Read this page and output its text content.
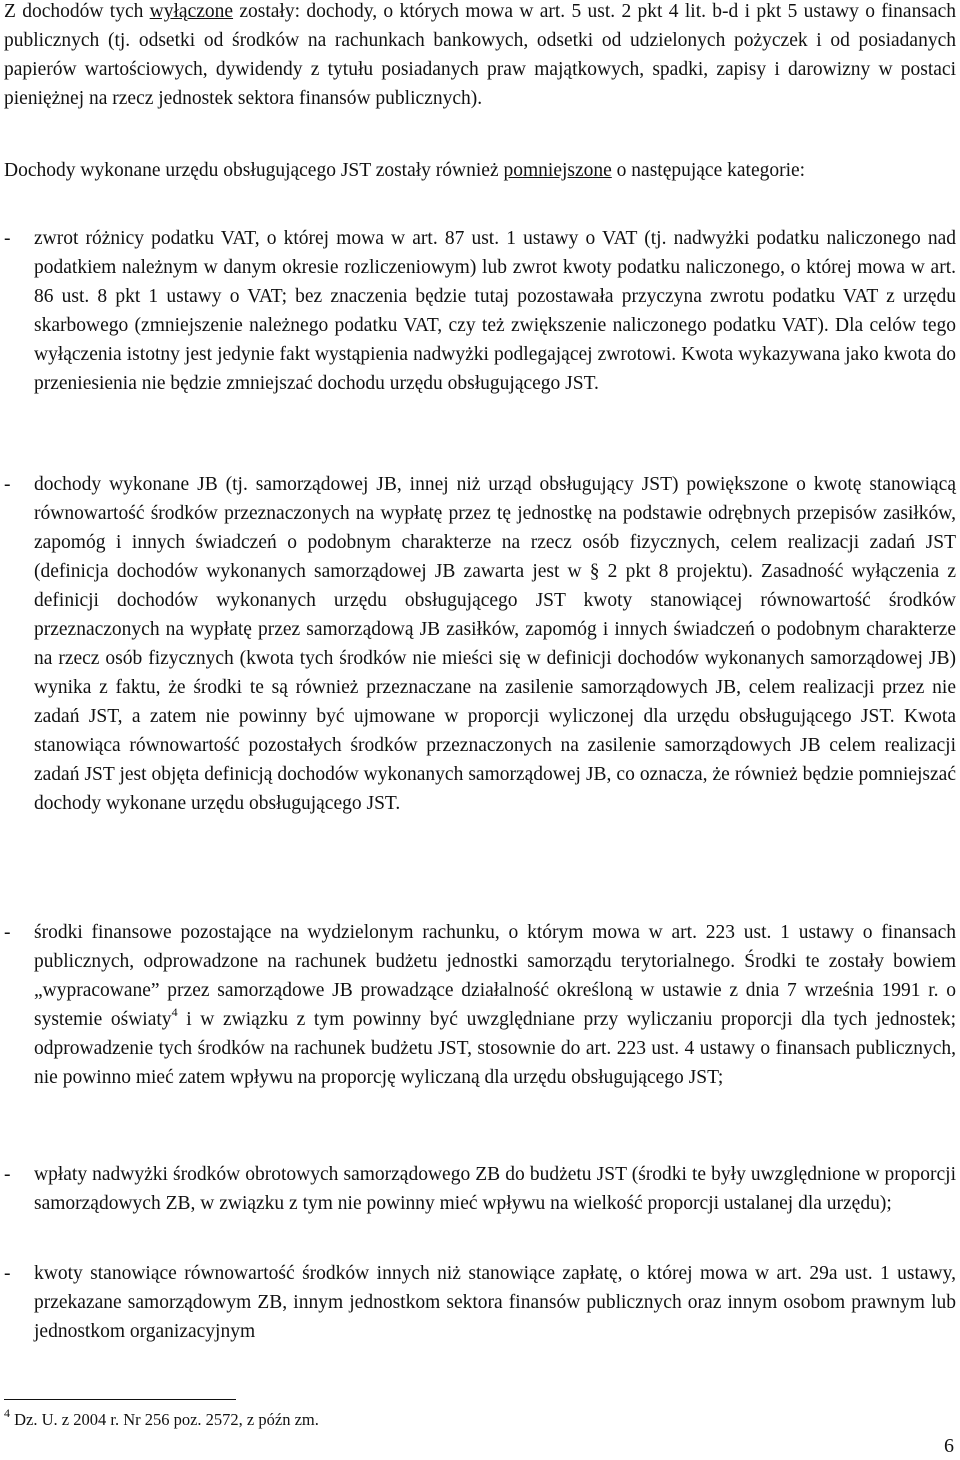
Z dochodów tych wyłączone zostały: dochody, o których mowa w art. 5 ust. 2 pkt 4 lit. b-d i pkt 5 ustawy o finansach publicznych (tj. odsetki od środków na rachunkach bankowych, odsetki od udzielonych pożyczek i od posiadanych papierów wartościowych, dywidendy z tytułu posiadanych praw majątkowych, spadki, zapisy i darowizny w postaci pieniężnej na rzecz jednostek sektora finansów publicznych).

Dochody wykonane urzędu obsługującego JST zostały również pomniejszone o następujące kategorie:

- zwrot różnicy podatku VAT, o której mowa w art. 87 ust. 1 ustawy o VAT (tj. nadwyżki podatku naliczonego nad podatkiem należnym w danym okresie rozliczeniowym) lub zwrot kwoty podatku naliczonego, o której mowa w art. 86 ust. 8 pkt 1 ustawy o VAT; bez znaczenia będzie tutaj pozostawała przyczyna zwrotu podatku VAT z urzędu skarbowego (zmniejszenie należnego podatku VAT, czy też zwiększenie naliczonego podatku VAT). Dla celów tego wyłączenia istotny jest jedynie fakt wystąpienia nadwyżki podlegającej zwrotowi. Kwota wykazywana jako kwota do przeniesienia nie będzie zmniejszać dochodu urzędu obsługującego JST.

- dochody wykonane JB (tj. samorządowej JB, innej niż urząd obsługujący JST) powiększone o kwotę stanowiącą równowartość środków przeznaczonych na wypłatę przez tę jednostkę na podstawie odrębnych przepisów zasiłków, zapomóg i innych świadczeń o podobnym charakterze na rzecz osób fizycznych, celem realizacji zadań JST (definicja dochodów wykonanych samorządowej JB zawarta jest w § 2 pkt 8 projektu). Zasadność wyłączenia z definicji dochodów wykonanych urzędu obsługującego JST kwoty stanowiącej równowartość środków przeznaczonych na wypłatę przez samorządową JB zasiłków, zapomóg i innych świadczeń o podobnym charakterze na rzecz osób fizycznych (kwota tych środków nie mieści się w definicji dochodów wykonanych samorządowej JB) wynika z faktu, że środki te są również przeznaczane na zasilenie samorządowych JB, celem realizacji przez nie zadań JST, a zatem nie powinny być ujmowane w proporcji wyliczonej dla urzędu obsługującego JST. Kwota stanowiąca równowartość pozostałych środków przeznaczonych na zasilenie samorządowych JB celem realizacji zadań JST jest objęta definicją dochodów wykonanych samorządowej JB, co oznacza, że również będzie pomniejszać dochody wykonane urzędu obsługującego JST.

- środki finansowe pozostające na wydzielonym rachunku, o którym mowa w art. 223 ust. 1 ustawy o finansach publicznych, odprowadzone na rachunek budżetu jednostki samorządu terytorialnego. Środki te zostały bowiem „wypracowane” przez samorządowe JB prowadzące działalność określoną w ustawie z dnia 7 września 1991 r. o systemie oświaty$^4$ i w związku z tym powinny być uwzględniane przy wyliczaniu proporcji dla tych jednostek; odprowadzenie tych środków na rachunek budżetu JST, stosownie do art. 223 ust. 4 ustawy o finansach publicznych, nie powinno mieć zatem wpływu na proporcję wyliczaną dla urzędu obsługującego JST;

- wpłaty nadwyżki środków obrotowych samorządowego ZB do budżetu JST (środki te były uwzględnione w proporcji samorządowych ZB, w związku z tym nie powinny mieć wpływu na wielkość proporcji ustalanej dla urzędu);

- kwoty stanowiące równowartość środków innych niż stanowiące zapłatę, o której mowa w art. 29a ust. 1 ustawy, przekazane samorządowym ZB, innym jednostkom sektora finansów publicznych oraz innym osobom prawnym lub jednostkom organizacyjnym

$^4$ Dz. U. z 2004 r. Nr 256 poz. 2572, z późn zm.
6
